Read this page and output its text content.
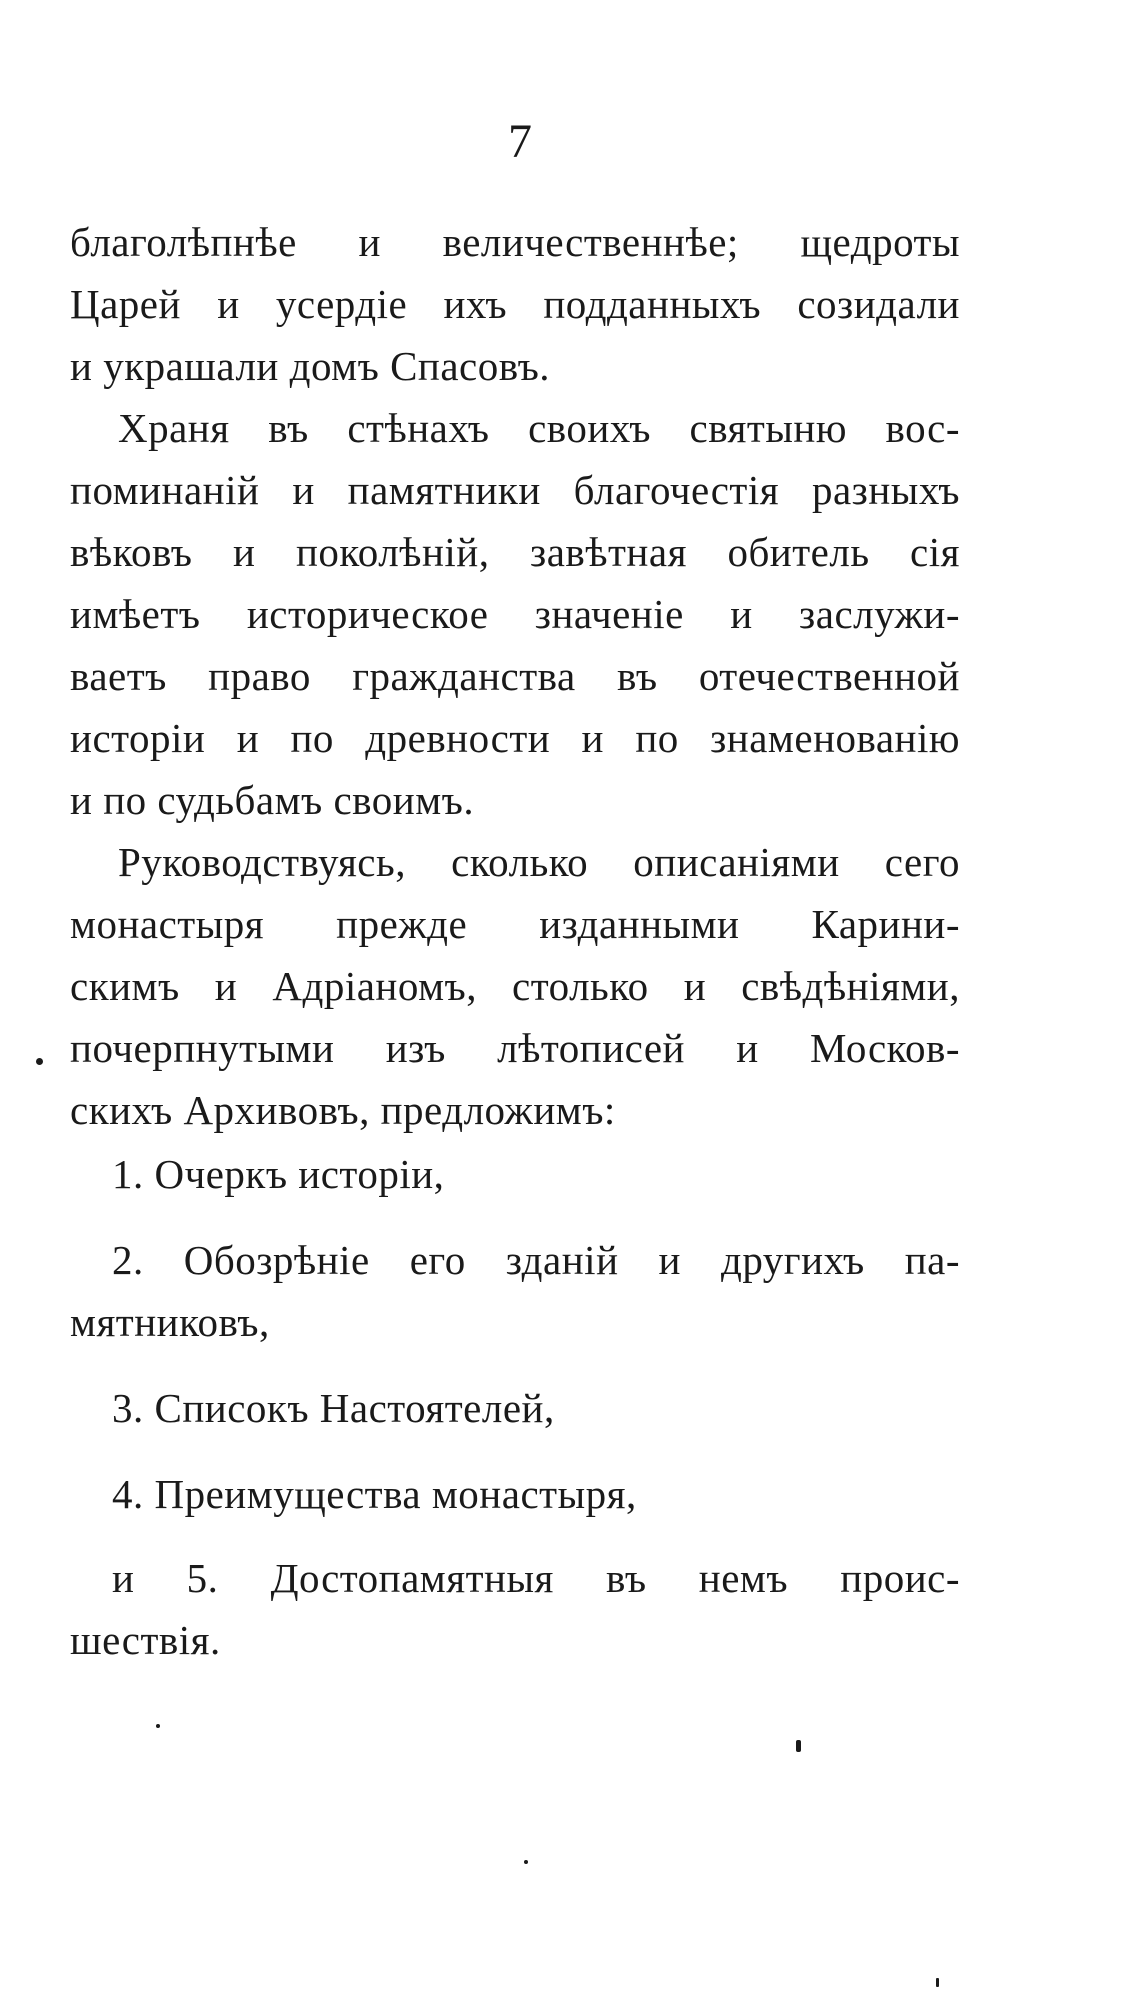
7
благолѣпнѣе и величественнѣе; щедроты
Царей и усердіе ихъ подданныхъ созидали
и украшали домъ Спасовъ.
Храня въ стѣнахъ своихъ святыню вос-
поминаній и памятники благочестія разныхъ
вѣковъ и поколѣній, завѣтная обитель сія
имѣетъ историческое значеніе и заслужи-
ваетъ право гражданства въ отечественной
исторіи и по древности и по знаменованію
и по судьбамъ своимъ.
Руководствуясь, сколько описаніями сего
монастыря прежде изданными Карини-
скимъ и Адріаномъ, столько и свѣдѣніями,
почерпнутыми изъ лѣтописей и Москов-
скихъ Архивовъ, предложимъ:
1. Очеркъ исторіи,
2. Обозрѣніе его зданій и другихъ па-
мятниковъ,
3. Списокъ Настоятелей,
4. Преимущества монастыря,
и 5. Достопамятныя въ немъ проис-
шествія.
